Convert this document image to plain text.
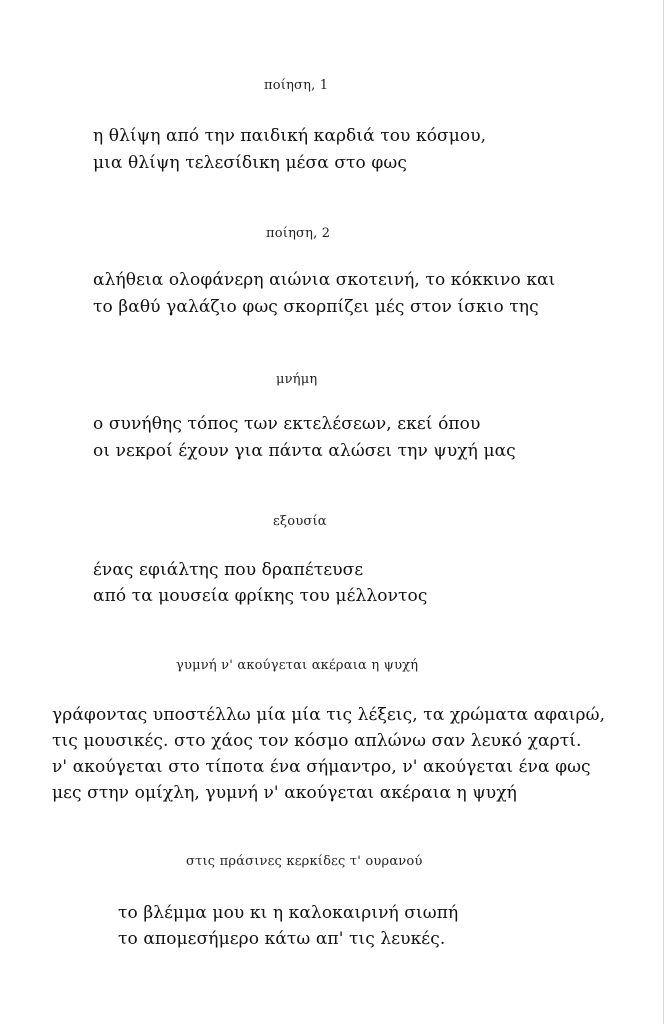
ποίηση, 1
η θλίψη από την παιδική καρδιά του κόσμου,
μια θλίψη τελεσίδικη μέσα στο φως
ποίηση, 2
αλήθεια ολοφάνερη αιώνια σκοτεινή, το κόκκινο και
το βαθύ γαλάζιο φως σκορπίζει μές στον ίσκιο της
μνήμη
ο συνήθης τόπος των εκτελέσεων, εκεί όπου
οι νεκροί έχουν για πάντα αλώσει την ψυχή μας
εξουσία
ένας εφιάλτης που δραπέτευσε
από τα μουσεία φρίκης του μέλλοντος
γυμνή ν' ακούγεται ακέραια η ψυχή
γράφοντας υποστέλλω μία μία τις λέξεις, τα χρώματα αφαιρώ,
τις μουσικές. στο χάος τον κόσμο απλώνω σαν λευκό χαρτί.
ν' ακούγεται στο τίποτα ένα σήμαντρο, ν' ακούγεται ένα φως
μες στην ομίχλη, γυμνή ν' ακούγεται ακέραια η ψυχή
στις πράσινες κερκίδες τ' ουρανού
το βλέμμα μου κι η καλοκαιρινή σιωπή
το απομεσήμερο κάτω απ' τις λευκές.
